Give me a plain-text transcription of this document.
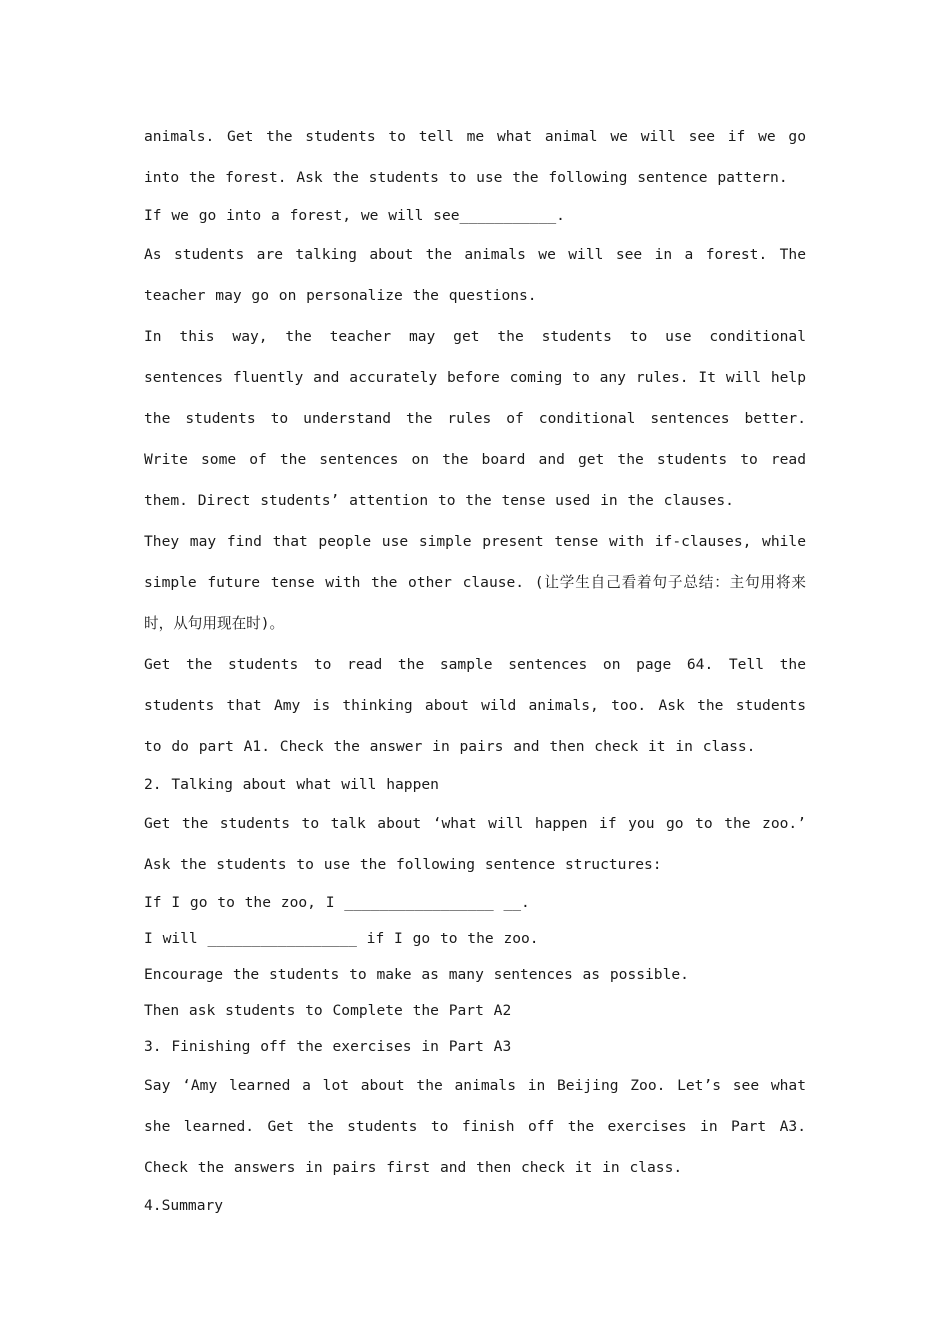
animals. Get the students to tell me what animal we will see if we go into the forest. Ask the students to use the following sentence pattern.

If we go into a forest, we will see___________.

As students are talking about the animals we will see in a forest. The teacher may go on personalize the questions.

In this way, the teacher may get the students to use conditional sentences fluently and accurately before coming to any rules. It will help the students to understand the rules of conditional sentences better. Write some of the sentences on the board and get the students to read them. Direct students’ attention to the tense used in the clauses.

They may find that people use simple present tense with if-clauses, while simple future tense with the other clause. (让学生自己看着句子总结：主句用将来时，从句用现在时)。

Get the students to read the sample sentences on page 64. Tell the students that Amy is thinking about wild animals, too. Ask the students to do part A1. Check the answer in pairs and then check it in class.

2. Talking about what will happen

Get the students to talk about ‘what will happen if you go to the zoo.’ Ask the students to use the following sentence structures:

If I go to the zoo, I _________________ __.

I will _________________ if I go to the zoo.

Encourage the students to make as many sentences as possible.

Then ask students to Complete the Part A2

3. Finishing off the exercises in Part A3

Say ‘Amy learned a lot about the animals in Beijing Zoo. Let’s see what she learned. Get the students to finish off the exercises in Part A3. Check the answers in pairs first and then check it in class.

4.Summary
